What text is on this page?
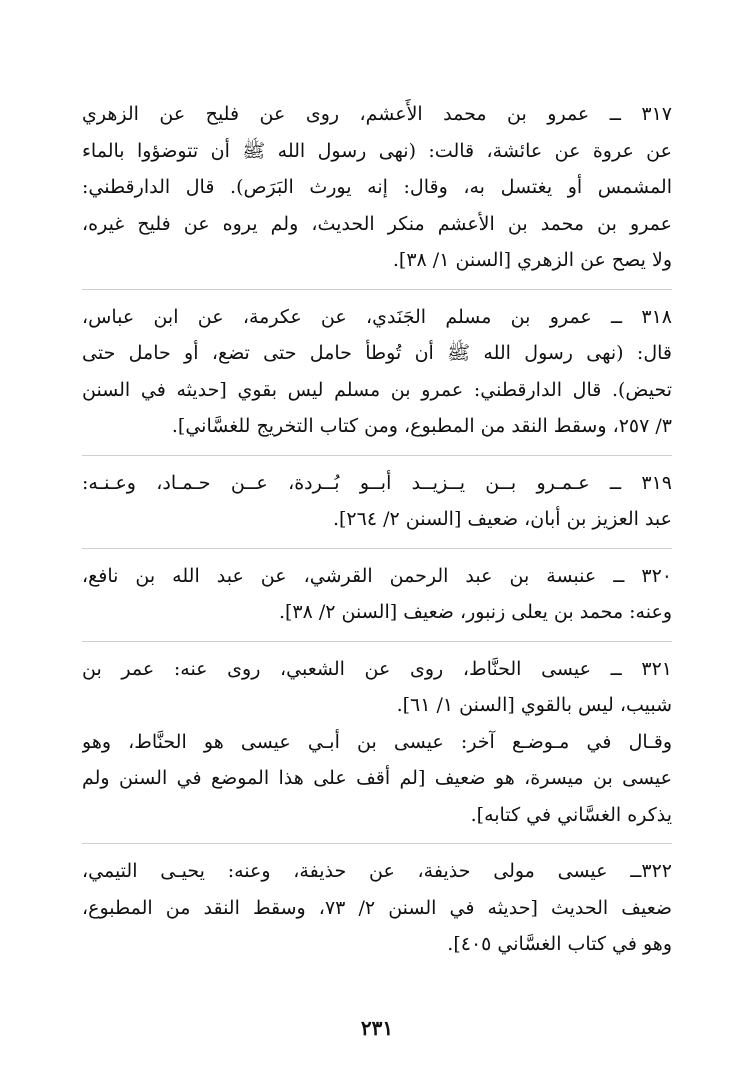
٣١٧ ــ عمرو بن محمد الأَعشم، روى عن فليح عن الزهري
عن عروة عن عائشة، قالت: (نهى رسول الله ﷺ أن تتوضؤوا بالماء
المشمس أو يغتسل به، وقال: إنه يورث البَرَص). قال الدارقطني:
عمرو بن محمد بن الأعشم منكر الحديث، ولم يروه عن فليح غيره،
ولا يصح عن الزهري [السنن ١/ ٣٨].
٣١٨ ــ عمرو بن مسلم الجَنَدي، عن عكرمة، عن ابن عباس،
قال: (نهى رسول الله ﷺ أن تُوطأ حامل حتى تضع، أو حامل حتى
تحيض). قال الدارقطني: عمرو بن مسلم ليس بقوي [حديثه في السنن
٣/ ٢٥٧، وسقط النقد من المطبوع، ومن كتاب التخريج للغسَّاني].
٣١٩ ــ عـمـرو بــن يــزيــد أبــو بُــردة، عــن حـمـاد، وعـنـه:
عبد العزيز بن أبان، ضعيف [السنن ٢/ ٢٦٤].
٣٢٠ ــ عنبسة بن عبد الرحمن القرشي، عن عبد الله بن نافع،
وعنه: محمد بن يعلى زنبور، ضعيف [السنن ٢/ ٣٨].
٣٢١ ــ عيسى الحنَّاط، روى عن الشعبي، روى عنه: عمر بن
شبيب، ليس بالقوي [السنن ١/ ٦١].
وقـال في مـوضـع آخر: عيسى بن أبـي عيسى هو الحنَّاط، وهو
عيسى بن ميسرة، هو ضعيف [لم أقف على هذا الموضع في السنن ولم
يذكره الغسَّاني في كتابه].
٣٢٢ــ عيسى مولى حذيفة، عن حذيفة، وعنه: يحيـى التيمي،
ضعيف الحديث [حديثه في السنن ٢/ ٧٣، وسقط النقد من المطبوع،
وهو في كتاب الغسَّاني ٤٠٥].
٢٣١
